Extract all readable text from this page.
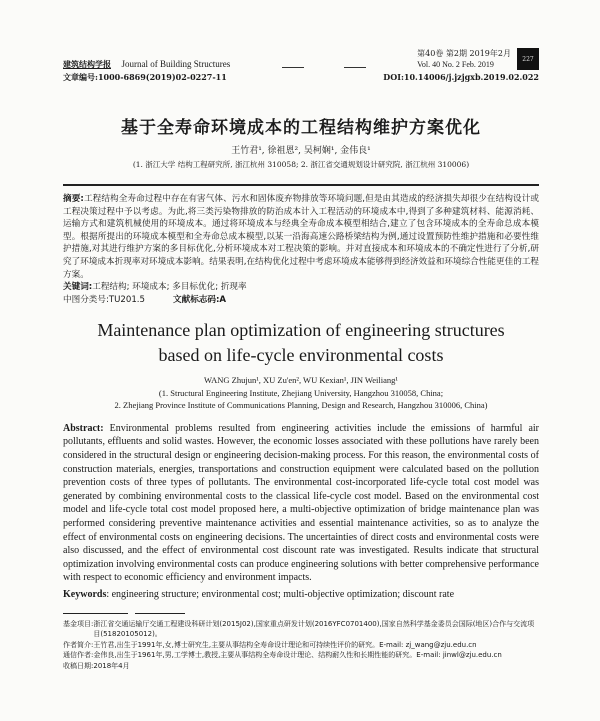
建筑结构学报 Journal of Building Structures
第40卷 第2期 2019年2月
Vol. 40 No. 2 Feb. 2019
227
文章编号:1000-6869(2019)02-0227-11	DOI:10.14006/j.jzjgxb.2019.02.022
基于全寿命环境成本的工程结构维护方案优化
王竹君¹, 徐祖恩², 吴柯娴¹, 金伟良¹
(1. 浙江大学 结构工程研究所, 浙江杭州 310058; 2. 浙江省交通规划设计研究院, 浙江杭州 310006)

摘要:工程结构全寿命过程中存在有害气体、污水和固体废弃物排放等环境问题,但是由其造成的经济损失却很少在结构设计或工程决策过程中予以考虑。为此,将三类污染物排放的防治成本计入工程活动的环境成本中,得到了多种建筑材料、能源消耗、运输方式和建筑机械使用的环境成本。通过将环境成本与经典全寿命成本模型相结合,建立了包含环境成本的全寿命总成本模型。根据所提出的环境成本模型和全寿命总成本模型,以某一沿海高速公路桥梁结构为例,通过设置预防性维护措施和必要性维护措施,对其进行维护方案的多目标优化,分析环境成本对工程决策的影响。并对直接成本和环境成本的不确定性进行了分析,研究了环境成本折现率对环境成本影响。结果表明,在结构优化过程中考虑环境成本能够得到经济效益和环境综合性能更佳的工程方案。

关键词:工程结构; 环境成本; 多目标优化; 折现率

中图分类号:TU201.5	文献标志码:A

Maintenance plan optimization of engineering structures
based on life-cycle environmental costs
WANG Zhujun¹, XU Zu'en², WU Kexian¹, JIN Weiliang¹
(1. Structural Engineering Institute, Zhejiang University, Hangzhou 310058, China;
2. Zhejiang Province Institute of Communications Planning, Design and Research, Hangzhou 310006, China)
Abstract: Environmental problems resulted from engineering activities include the emissions of harmful air pollutants, effluents and solid wastes. However, the economic losses associated with these pollutions have rarely been considered in the structural design or engineering decision-making process. For this reason, the environmental costs of construction materials, energies, transportations and construction equipment were calculated based on the pollution prevention costs of three types of pollutants. The environmental cost-incorporated life-cycle total cost model was generated by combining environmental costs to the classical life-cycle cost model. Based on the environmental cost model and life-cycle total cost model proposed here, a multi-objective optimization of bridge maintenance plan was performed considering preventive maintenance activities and essential maintenance activities, so as to analyze the effect of environmental costs on engineering decisions. The uncertainties of direct costs and environmental costs were also discussed, and the effect of environmental cost discount rate was investigated. Results indicate that structural optimization involving environmental costs can produce engineering solutions with better comprehensive performance with respect to economic efficiency and environment impacts.
Keywords: engineering structure; environmental cost; multi-objective optimization; discount rate
基金项目: 浙江省交通运输厅交通工程建设科研计划(2015J02),国家重点研发计划(2016YFC0701400),国家自然科学基金委员会国际(地区)合作与交流项目(51820105012)。
作者简介: 王竹君,出生于1991年,女,博士研究生,主要从事结构全寿命设计理论和可持续性评价的研究。E-mail: zj_wang@zju.edu.cn
通信作者: 金伟良,出生于1961年,男,工学博士,教授,主要从事结构全寿命设计理论、结构耐久性和长期性能的研究。E-mail: jinwl@zju.edu.cn
收稿日期: 2018年4月
